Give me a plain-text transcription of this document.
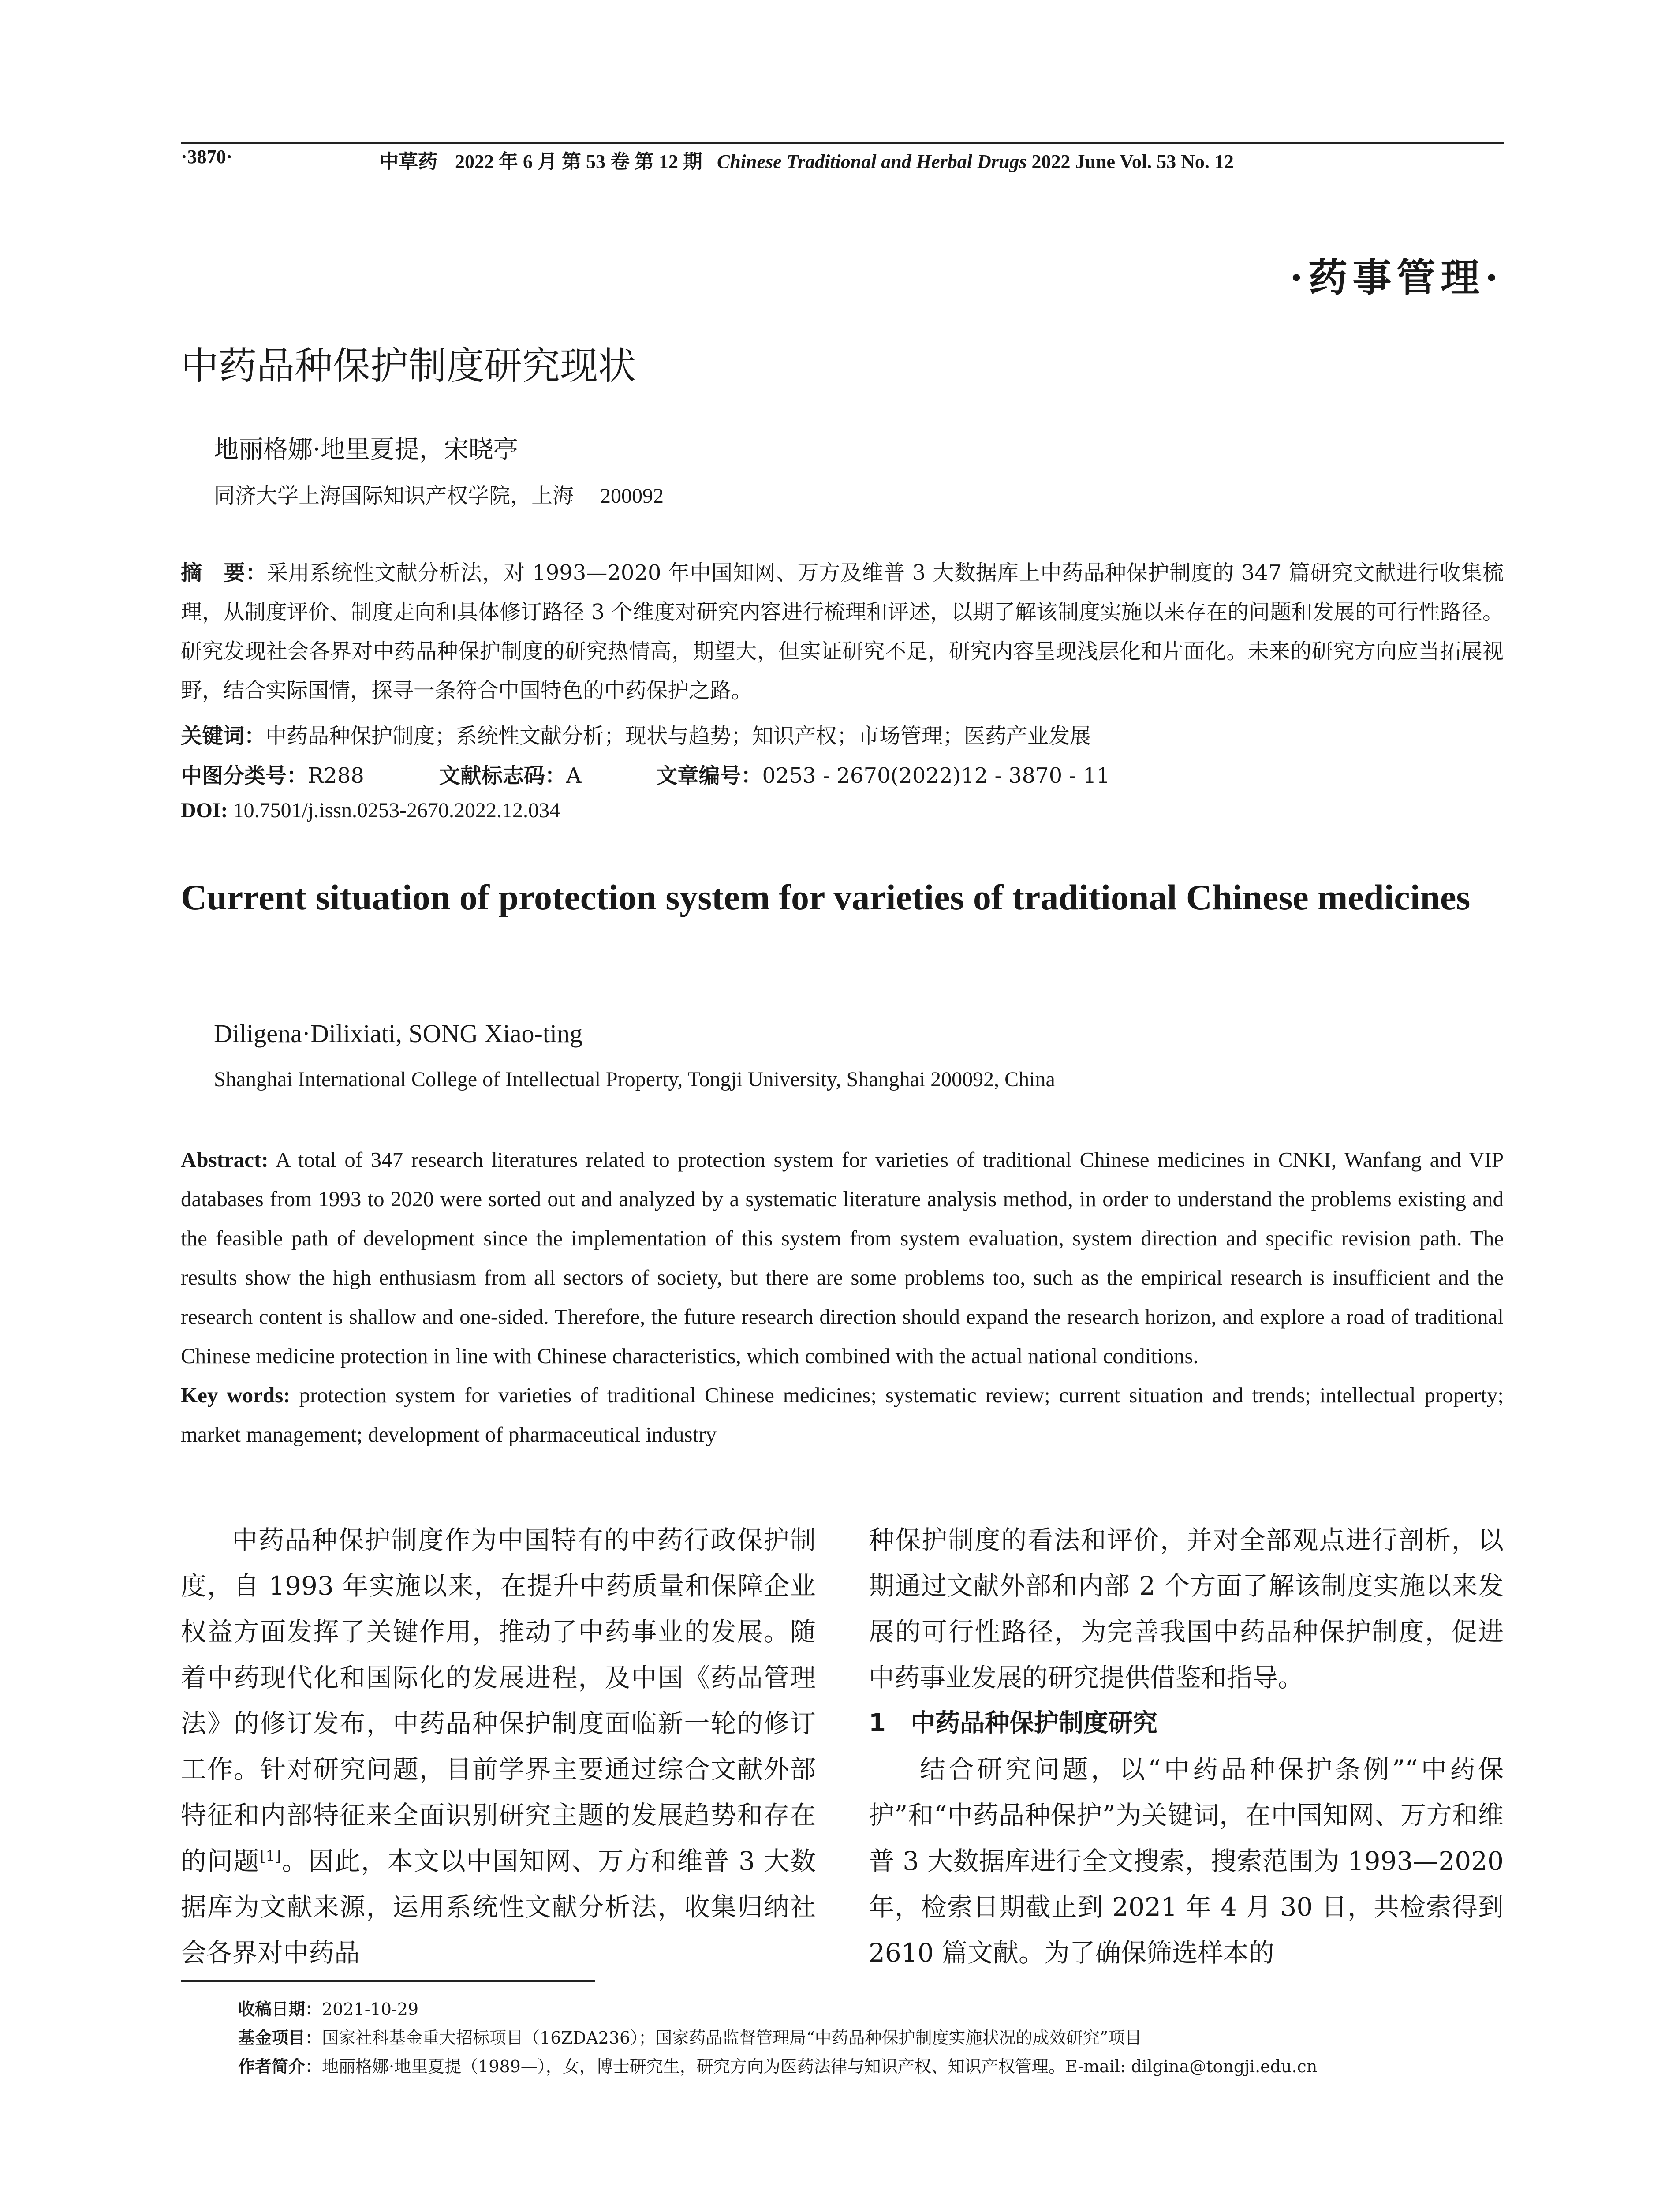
·3870·	中草药 2022 年 6 月 第 53 卷 第 12 期 Chinese Traditional and Herbal Drugs 2022 June Vol. 53 No. 12
·药事管理·
中药品种保护制度研究现状
地丽格娜·地里夏提，宋晓亭
同济大学上海国际知识产权学院，上海 200092
摘　要：采用系统性文献分析法，对 1993—2020 年中国知网、万方及维普 3 大数据库上中药品种保护制度的 347 篇研究文献进行收集梳理，从制度评价、制度走向和具体修订路径 3 个维度对研究内容进行梳理和评述，以期了解该制度实施以来存在的问题和发展的可行性路径。研究发现社会各界对中药品种保护制度的研究热情高，期望大，但实证研究不足，研究内容呈现浅层化和片面化。未来的研究方向应当拓展视野，结合实际国情，探寻一条符合中国特色的中药保护之路。
关键词：中药品种保护制度；系统性文献分析；现状与趋势；知识产权；市场管理；医药产业发展
中图分类号：R288	文献标志码：A	文章编号：0253 - 2670(2022)12 - 3870 - 11
DOI: 10.7501/j.issn.0253-2670.2022.12.034
Current situation of protection system for varieties of traditional Chinese medicines
Diligena·Dilixiati, SONG Xiao-ting
Shanghai International College of Intellectual Property, Tongji University, Shanghai 200092, China
Abstract: A total of 347 research literatures related to protection system for varieties of traditional Chinese medicines in CNKI, Wanfang and VIP databases from 1993 to 2020 were sorted out and analyzed by a systematic literature analysis method, in order to understand the problems existing and the feasible path of development since the implementation of this system from system evaluation, system direction and specific revision path. The results show the high enthusiasm from all sectors of society, but there are some problems too, such as the empirical research is insufficient and the research content is shallow and one-sided. Therefore, the future research direction should expand the research horizon, and explore a road of traditional Chinese medicine protection in line with Chinese characteristics, which combined with the actual national conditions.
Key words: protection system for varieties of traditional Chinese medicines; systematic review; current situation and trends; intellectual property; market management; development of pharmaceutical industry

中药品种保护制度作为中国特有的中药行政保护制度，自 1993 年实施以来，在提升中药质量和保障企业权益方面发挥了关键作用，推动了中药事业的发展。随着中药现代化和国际化的发展进程，及中国《药品管理法》的修订发布，中药品种保护制度面临新一轮的修订工作。针对研究问题，目前学界主要通过综合文献外部特征和内部特征来全面识别研究主题的发展趋势和存在的问题[1]。因此，本文以中国知网、万方和维普 3 大数据库为文献来源，运用系统性文献分析法，收集归纳社会各界对中药品

种保护制度的看法和评价，并对全部观点进行剖析，以期通过文献外部和内部 2 个方面了解该制度实施以来发展的可行性路径，为完善我国中药品种保护制度，促进中药事业发展的研究提供借鉴和指导。

1　中药品种保护制度研究

结合研究问题，以“中药品种保护条例”“中药保护”和“中药品种保护”为关键词，在中国知网、万方和维普 3 大数据库进行全文搜索，搜索范围为 1993—2020 年，检索日期截止到 2021 年 4 月 30 日，共检索得到 2610 篇文献。为了确保筛选样本的

收稿日期：2021-10-29
基金项目：国家社科基金重大招标项目（16ZDA236）；国家药品监督管理局“中药品种保护制度实施状况的成效研究”项目
作者简介：地丽格娜·地里夏提（1989—），女，博士研究生，研究方向为医药法律与知识产权、知识产权管理。E-mail: dilgina@tongji.edu.cn
